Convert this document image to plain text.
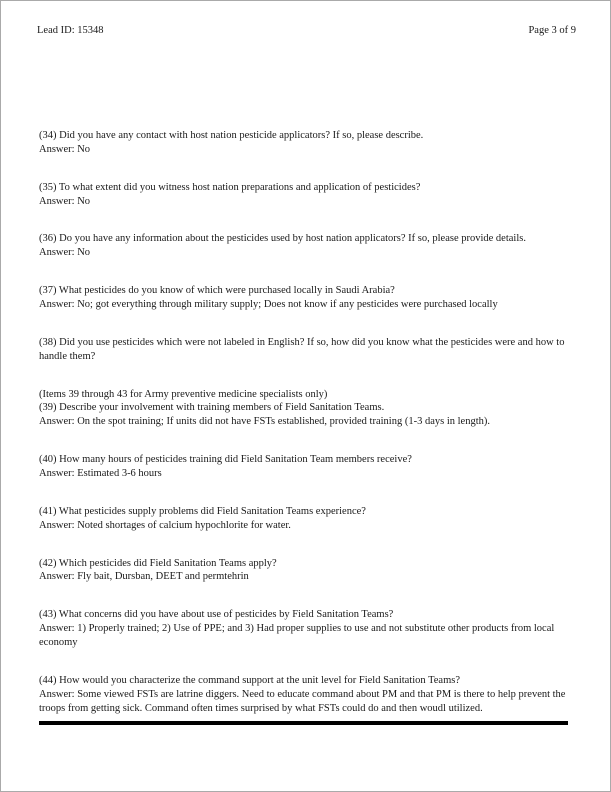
Lead ID: 15348	Page 3 of 9
(34) Did you have any contact with host nation pesticide applicators? If so, please describe.
Answer: No
(35) To what extent did you witness host nation preparations and application of pesticides?
Answer: No
(36) Do you have any information about the pesticides used by host nation applicators? If so, please provide details.
Answer: No
(37) What pesticides do you know of which were purchased locally in Saudi Arabia?
Answer: No; got everything through military supply; Does not know if any pesticides were purchased locally
(38) Did you use pesticides which were not labeled in English? If so, how did you know what the pesticides were and how to handle them?
(Items 39 through 43 for Army preventive medicine specialists only)
(39) Describe your involvement with training members of Field Sanitation Teams.
Answer: On the spot training; If units did not have FSTs established, provided training (1-3 days in length).
(40) How many hours of pesticides training did Field Sanitation Team members receive?
Answer: Estimated 3-6 hours
(41) What pesticides supply problems did Field Sanitation Teams experience?
Answer: Noted shortages of calcium hypochlorite for water.
(42) Which pesticides did Field Sanitation Teams apply?
Answer: Fly bait, Dursban, DEET and permtehrin
(43) What concerns did you have about use of pesticides by Field Sanitation Teams?
Answer: 1) Properly trained; 2) Use of PPE; and 3) Had proper supplies to use and not substitute other products from local economy
(44) How would you characterize the command support at the unit level for Field Sanitation Teams?
Answer: Some viewed FSTs are latrine diggers. Need to educate command about PM and that PM is there to help prevent the troops from getting sick. Command often times surprised by what FSTs could do and then woudl utilized.
